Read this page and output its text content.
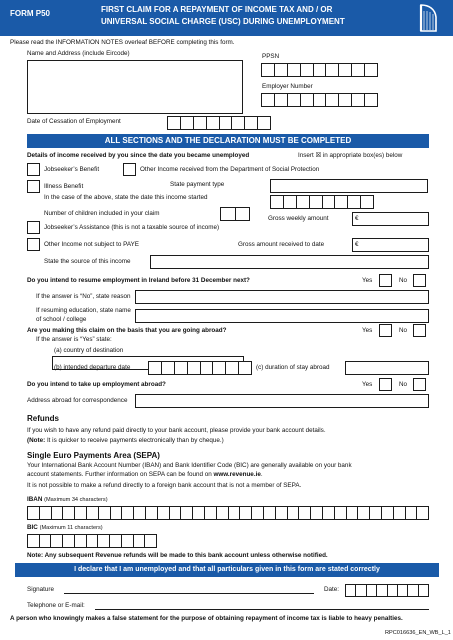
FORM P50	FIRST CLAIM FOR A REPAYMENT OF INCOME TAX AND / OR
UNIVERSAL SOCIAL CHARGE (USC) DURING UNEMPLOYMENT
Please read the INFORMATION NOTES overleaf BEFORE completing this form.
Name and Address (include Eircode)	PPSN
Employer Number
Date of Cessation of Employment
ALL SECTIONS AND THE DECLARATION MUST BE COMPLETED
Details of income received by you since the date you became unemployed	Insert ☒ in appropriate box(es) below
Jobseeker’s Benefit	Other Income received from the Department of Social Protection
Illness Benefit	State payment type
In the case of the above, state the date this income started
Number of children included in your claim
Gross weekly amount	€
Jobseeker’s Assistance (this is not a taxable source of income)
Other Income not subject to PAYE	Gross amount received to date	€
State the source of this income
Do you intend to resume employment in Ireland before 31 December next?	Yes	No
If the answer is “No”, state reason
If resuming education, state name
of school / college
Are you making this claim on the basis that you are going abroad?	Yes	No
If the answer is “Yes” state:
(a) country of destination
(b) intended departure date	(c) duration of stay abroad
Do you intend to take up employment abroad?	Yes	No
Address abroad for correspondence
Refunds
If you wish to have any refund paid directly to your bank account, please provide your bank account details.
(Note: It is quicker to receive payments electronically than by cheque.)
Single Euro Payments Area (SEPA)
Your International Bank Account Number (IBAN) and Bank Identifier Code (BIC) are generally available on your bank
account statements. Further information on SEPA can be found on www.revenue.ie.
It is not possible to make a refund directly to a foreign bank account that is not a member of SEPA.
IBAN (Maximum 34 characters)
BIC (Maximum 11 characters)
Note: Any subsequent Revenue refunds will be made to this bank account unless otherwise notified.
I declare that I am unemployed and that all particulars given in this form are stated correctly
Signature	Date:
Telephone or E-mail:
A person who knowingly makes a false statement for the purpose of obtaining repayment of income tax is liable to heavy penalties.
RPC016636_EN_WB_L_1
